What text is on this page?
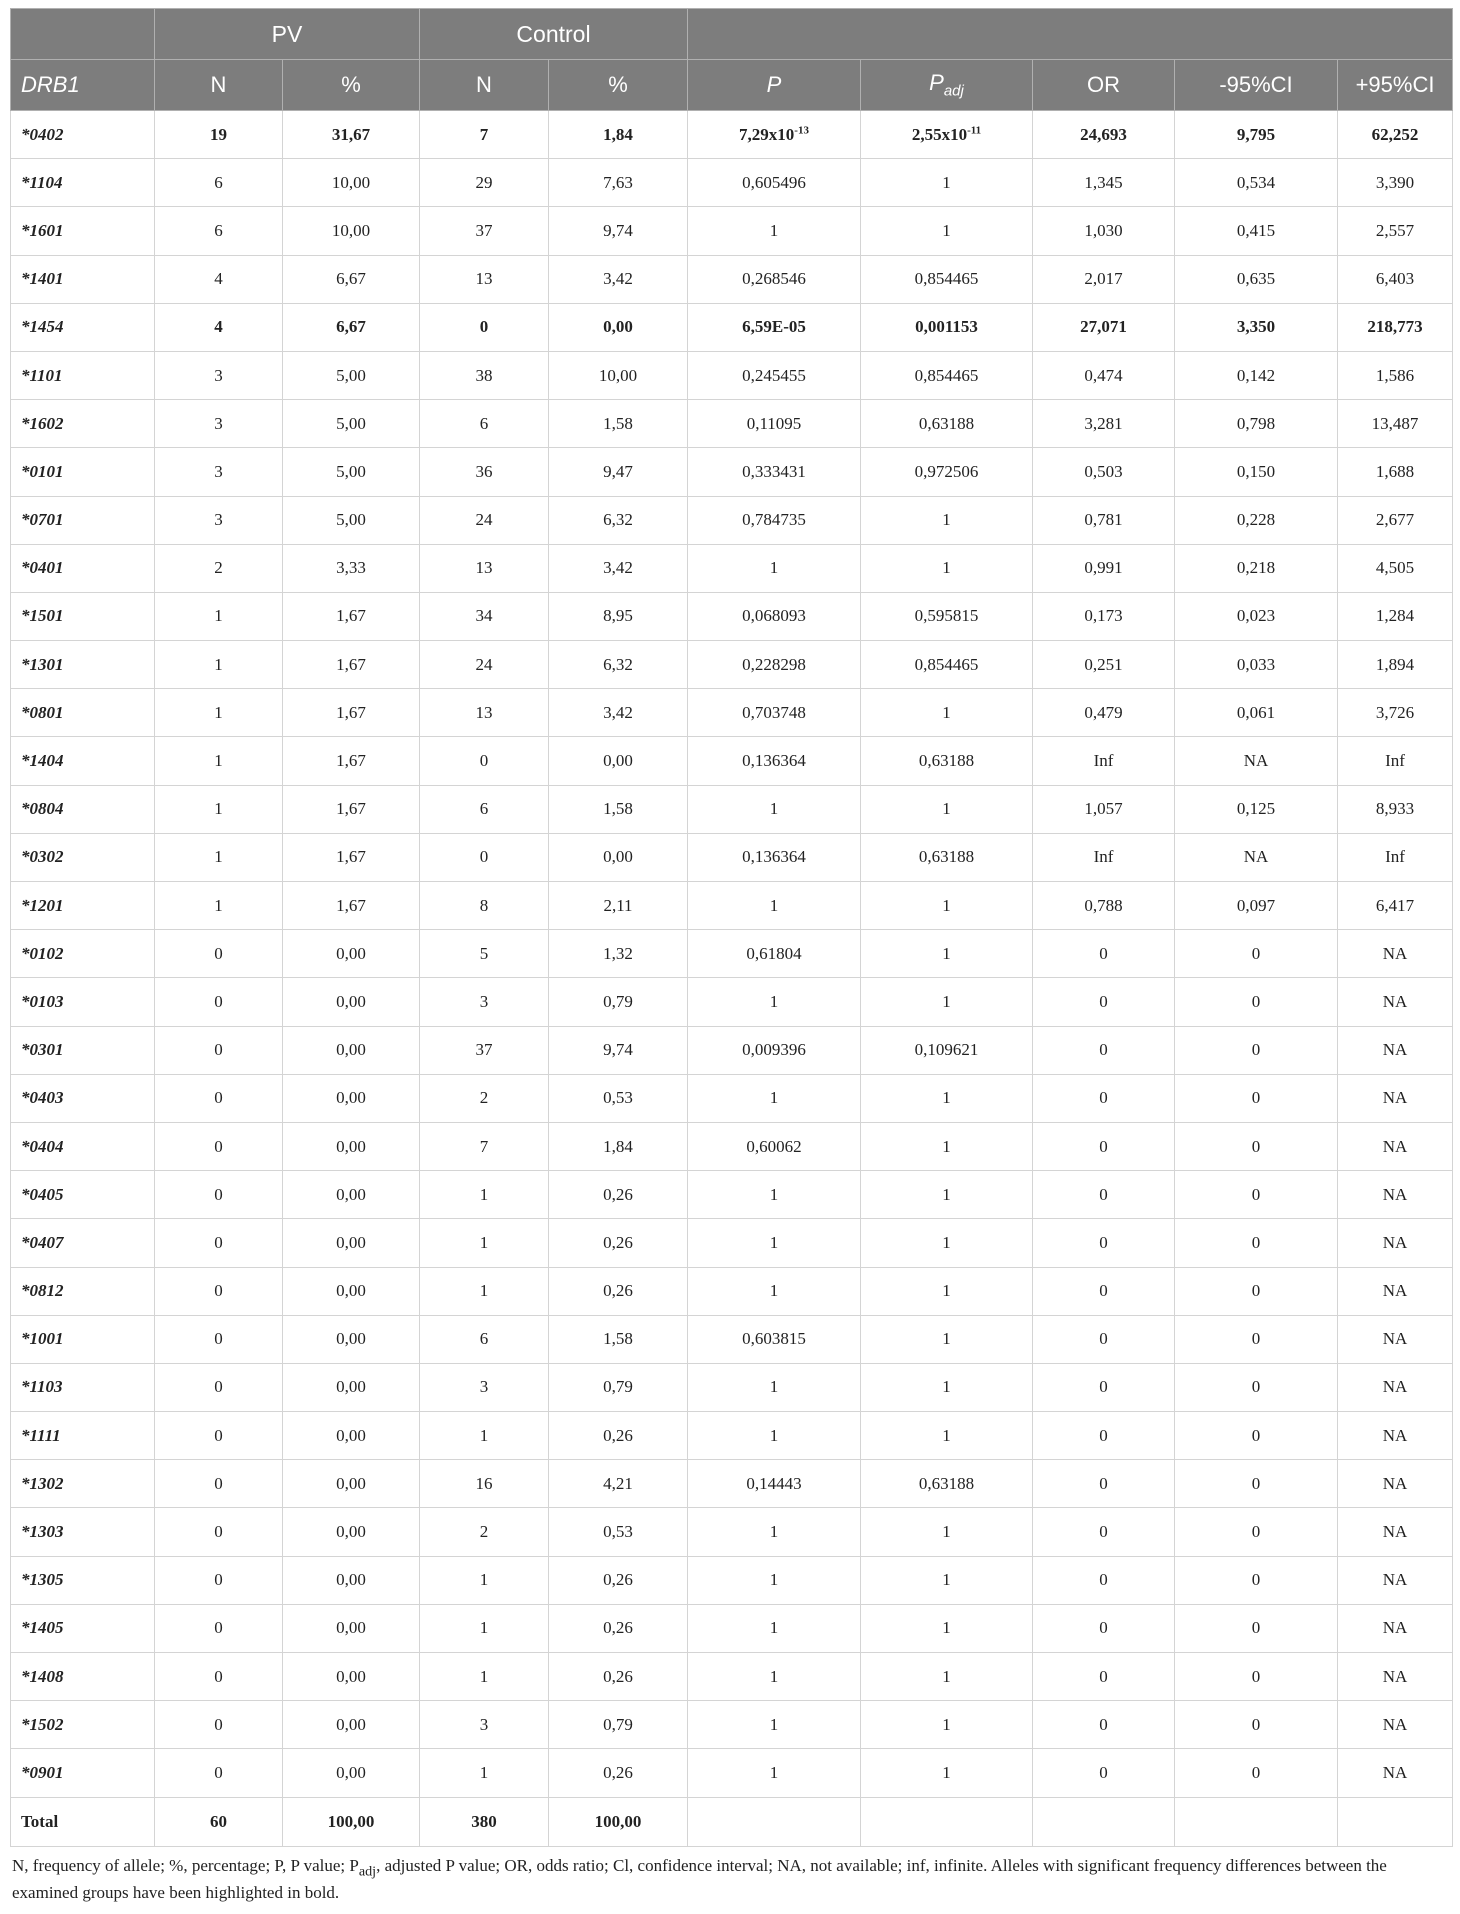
	PV		Control						
DRB1	N	%	N	%	P	$P_{adj}$	OR	-95%CI	+95%CI
*0402	19	31,67	7	1,84	$7,29x10^{-13}$	$2,55x10^{-11}$	24,693	9,795	62,252
*1104	6	10,00	29	7,63	0,605496	1	1,345	0,534	3,390
*1601	6	10,00	37	9,74	1	1	1,030	0,415	2,557
*1401	4	6,67	13	3,42	0,268546	0,854465	2,017	0,635	6,403
*1454	4	6,67	0	0,00	6,59E-05	0,001153	27,071	3,350	218,773
*1101	3	5,00	38	10,00	0,245455	0,854465	0,474	0,142	1,586
*1602	3	5,00	6	1,58	0,11095	0,63188	3,281	0,798	13,487
*0101	3	5,00	36	9,47	0,333431	0,972506	0,503	0,150	1,688
*0701	3	5,00	24	6,32	0,784735	1	0,781	0,228	2,677
*0401	2	3,33	13	3,42	1	1	0,991	0,218	4,505
*1501	1	1,67	34	8,95	0,068093	0,595815	0,173	0,023	1,284
*1301	1	1,67	24	6,32	0,228298	0,854465	0,251	0,033	1,894
*0801	1	1,67	13	3,42	0,703748	1	0,479	0,061	3,726
*1404	1	1,67	0	0,00	0,136364	0,63188	Inf	NA	Inf
*0804	1	1,67	6	1,58	1	1	1,057	0,125	8,933
*0302	1	1,67	0	0,00	0,136364	0,63188	Inf	NA	Inf
*1201	1	1,67	8	2,11	1	1	0,788	0,097	6,417
*0102	0	0,00	5	1,32	0,61804	1	0	0	NA
*0103	0	0,00	3	0,79	1	1	0	0	NA
*0301	0	0,00	37	9,74	0,009396	0,109621	0	0	NA
*0403	0	0,00	2	0,53	1	1	0	0	NA
*0404	0	0,00	7	1,84	0,60062	1	0	0	NA
*0405	0	0,00	1	0,26	1	1	0	0	NA
*0407	0	0,00	1	0,26	1	1	0	0	NA
*0812	0	0,00	1	0,26	1	1	0	0	NA
*1001	0	0,00	6	1,58	0,603815	1	0	0	NA
*1103	0	0,00	3	0,79	1	1	0	0	NA
*1111	0	0,00	1	0,26	1	1	0	0	NA
*1302	0	0,00	16	4,21	0,14443	0,63188	0	0	NA
*1303	0	0,00	2	0,53	1	1	0	0	NA
*1305	0	0,00	1	0,26	1	1	0	0	NA
*1405	0	0,00	1	0,26	1	1	0	0	NA
*1408	0	0,00	1	0,26	1	1	0	0	NA
*1502	0	0,00	3	0,79	1	1	0	0	NA
*0901	0	0,00	1	0,26	1	1	0	0	NA
Total	60	100,00	380	100,00					
N, frequency of allele; %, percentage; P, P value; $P_{adj}$, adjusted P value; OR, odds ratio; Cl, confidence interval; NA, not available; inf, infinite. Alleles with significant frequency differences between the examined groups have been highlighted in bold.
